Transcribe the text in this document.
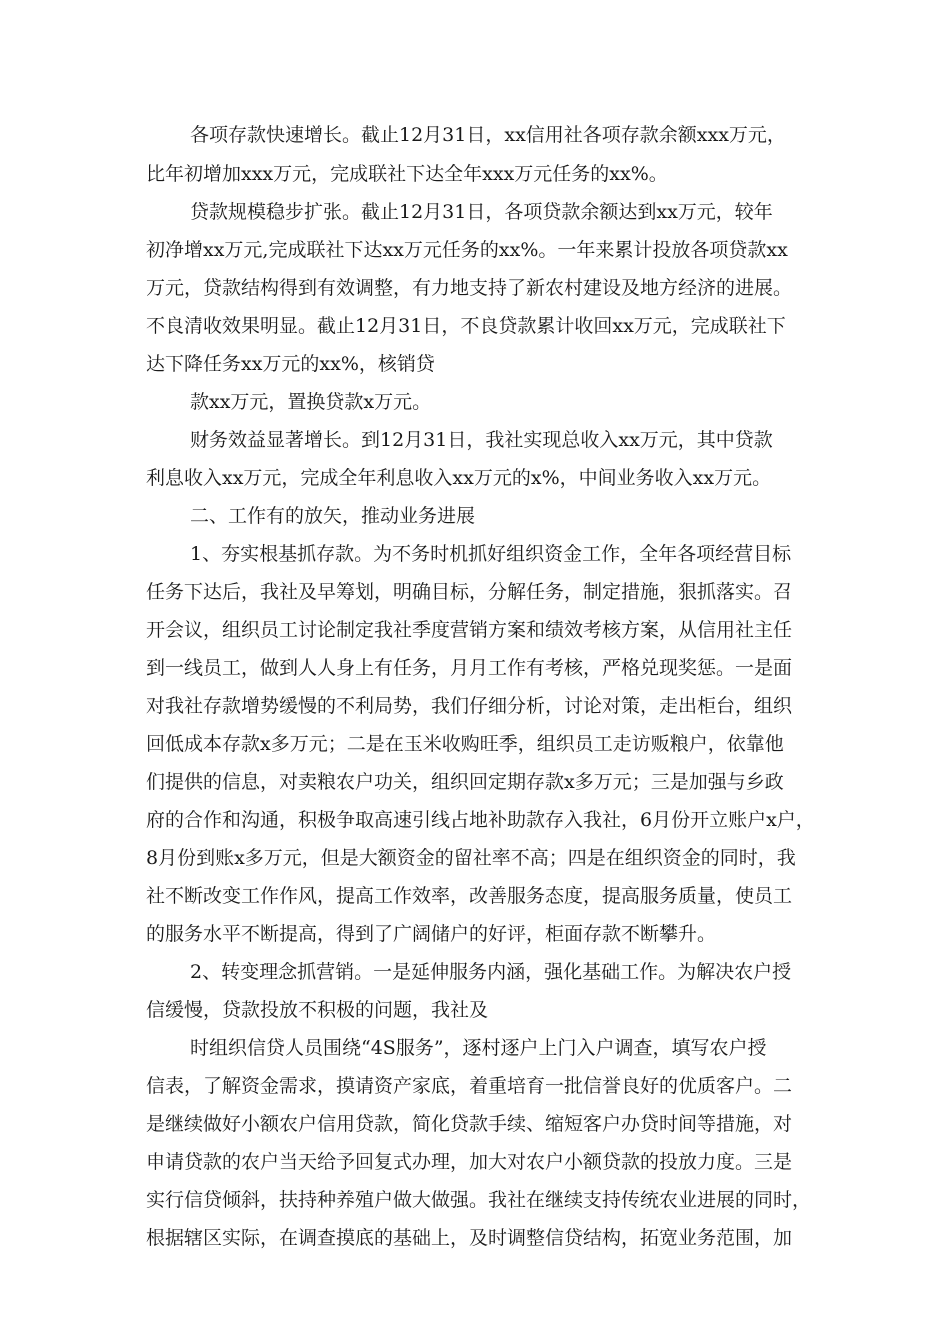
各项存款快速增长。截止12月31日，xx信用社各项存款余额xxx万元，
比年初增加xxx万元，完成联社下达全年xxx万元任务的xx%。
贷款规模稳步扩张。截止12月31日，各项贷款余额达到xx万元，较年
初净增xx万元,完成联社下达xx万元任务的xx%。一年来累计投放各项贷款xx
万元，贷款结构得到有效调整，有力地支持了新农村建设及地方经济的进展。
不良清收效果明显。截止12月31日，不良贷款累计收回xx万元，完成联社下
达下降任务xx万元的xx%，核销贷
款xx万元，置换贷款x万元。
财务效益显著增长。到12月31日，我社实现总收入xx万元，其中贷款
利息收入xx万元，完成全年利息收入xx万元的x%，中间业务收入xx万元。
二、工作有的放矢，推动业务进展
1、夯实根基抓存款。为不务时机抓好组织资金工作，全年各项经营目标
任务下达后，我社及早筹划，明确目标，分解任务，制定措施，狠抓落实。召
开会议，组织员工讨论制定我社季度营销方案和绩效考核方案，从信用社主任
到一线员工，做到人人身上有任务，月月工作有考核，严格兑现奖惩。一是面
对我社存款增势缓慢的不利局势，我们仔细分析，讨论对策，走出柜台，组织
回低成本存款x多万元；二是在玉米收购旺季，组织员工走访贩粮户，依靠他
们提供的信息，对卖粮农户功关，组织回定期存款x多万元；三是加强与乡政
府的合作和沟通，积极争取高速引线占地补助款存入我社，6月份开立账户x户，
8月份到账x多万元，但是大额资金的留社率不高；四是在组织资金的同时，我
社不断改变工作作风，提高工作效率，改善服务态度，提高服务质量，使员工
的服务水平不断提高，得到了广阔储户的好评，柜面存款不断攀升。
2、转变理念抓营销。一是延伸服务内涵，强化基础工作。为解决农户授
信缓慢，贷款投放不积极的问题，我社及
时组织信贷人员围绕“4S服务”，逐村逐户上门入户调查，填写农户授
信表，了解资金需求，摸请资产家底，着重培育一批信誉良好的优质客户。二
是继续做好小额农户信用贷款，简化贷款手续、缩短客户办贷时间等措施，对
申请贷款的农户当天给予回复式办理，加大对农户小额贷款的投放力度。三是
实行信贷倾斜，扶持种养殖户做大做强。我社在继续支持传统农业进展的同时，
根据辖区实际，在调查摸底的基础上，及时调整信贷结构，拓宽业务范围，加
